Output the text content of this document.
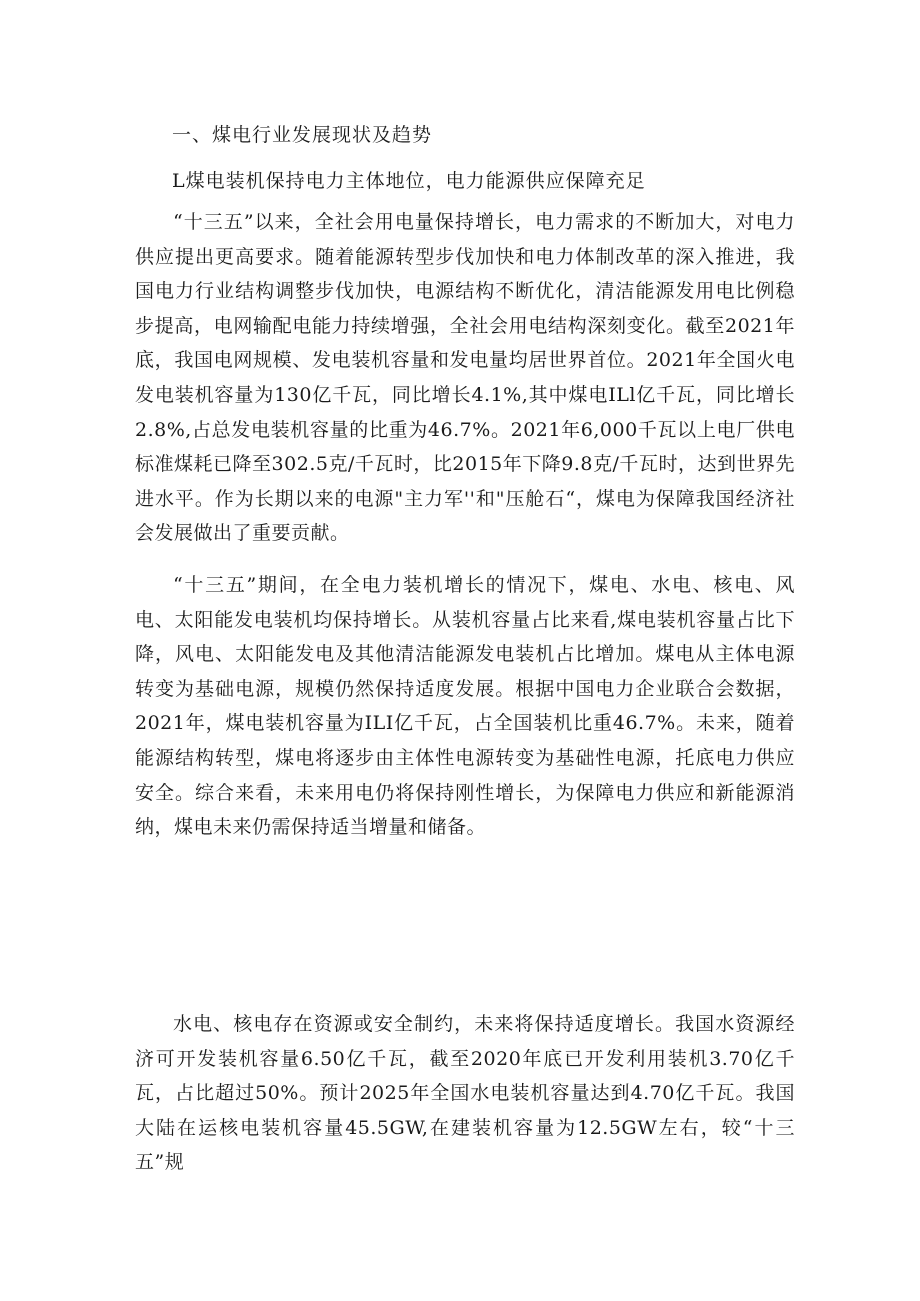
一、煤电行业发展现状及趋势
L煤电装机保持电力主体地位，电力能源供应保障充足

“十三五”以来，全社会用电量保持增长，电力需求的不断加大，对电力供应提出更高要求。随着能源转型步伐加快和电力体制改革的深入推进，我国电力行业结构调整步伐加快，电源结构不断优化，清洁能源发用电比例稳步提高，电网输配电能力持续增强，全社会用电结构深刻变化。截至2021年底，我国电网规模、发电装机容量和发电量均居世界首位。2021年全国火电发电装机容量为130亿千瓦，同比增长4.1%,其中煤电ILl亿千瓦，同比增长2.8%,占总发电装机容量的比重为46.7%。2021年6,000千瓦以上电厂供电标准煤耗已降至302.5克/千瓦时，比2015年下降9.8克/千瓦时，达到世界先进水平。作为长期以来的电源"主力军''和"压舱石“，煤电为保障我国经济社会发展做出了重要贡献。

“十三五”期间，在全电力装机增长的情况下，煤电、水电、核电、风电、太阳能发电装机均保持增长。从装机容量占比来看,煤电装机容量占比下降，风电、太阳能发电及其他清洁能源发电装机占比增加。煤电从主体电源转变为基础电源，规模仍然保持适度发展。根据中国电力企业联合会数据，2021年，煤电装机容量为ILI亿千瓦，占全国装机比重46.7%。未来，随着能源结构转型，煤电将逐步由主体性电源转变为基础性电源，托底电力供应安全。综合来看，未来用电仍将保持刚性增长，为保障电力供应和新能源消纳，煤电未来仍需保持适当增量和储备。

水电、核电存在资源或安全制约，未来将保持适度增长。我国水资源经济可开发装机容量6.50亿千瓦，截至2020年底已开发利用装机3.70亿千瓦，占比超过50%。预计2025年全国水电装机容量达到4.70亿千瓦。我国大陆在运核电装机容量45.5GW,在建装机容量为12.5GW左右，较“十三五”规
